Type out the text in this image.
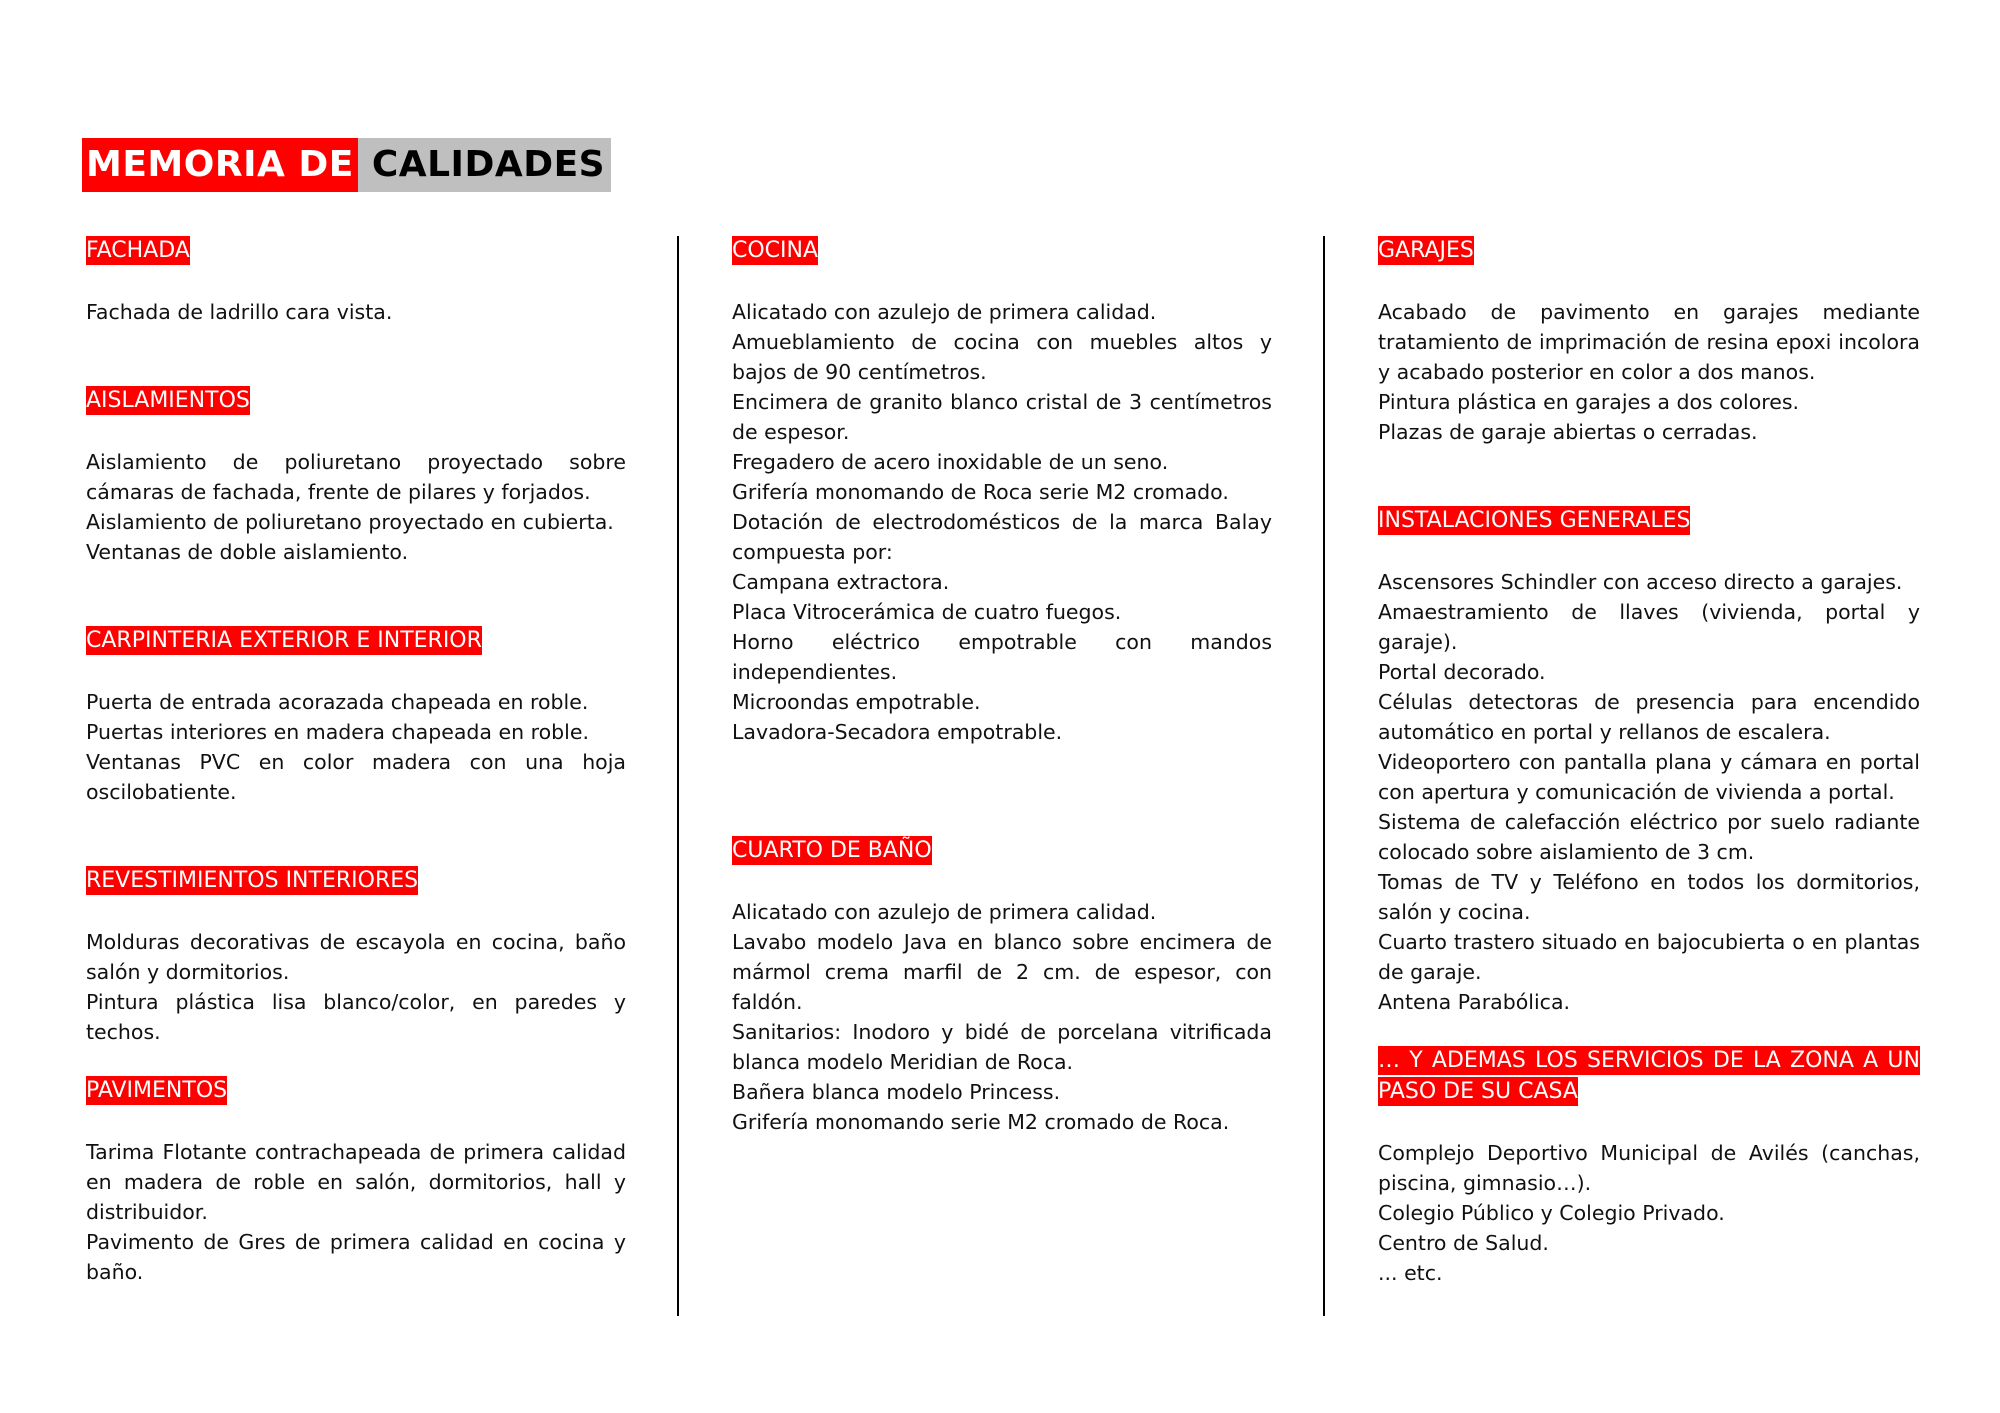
MEMORIA DE CALIDADES
FACHADA

Fachada de ladrillo cara vista.

AISLAMIENTOS

Aislamiento de poliuretano proyectado sobre cámaras de fachada, frente de pilares y forjados.

Aislamiento de poliuretano proyectado en cubierta.

Ventanas de doble aislamiento.

CARPINTERIA EXTERIOR E INTERIOR

Puerta de entrada acorazada chapeada en roble.

Puertas interiores en madera chapeada en roble.

Ventanas PVC en color madera con una hoja oscilobatiente.

REVESTIMIENTOS INTERIORES

Molduras decorativas de escayola en cocina, baño salón y dormitorios.

Pintura plástica lisa blanco/color, en paredes y techos.

PAVIMENTOS

Tarima Flotante contrachapeada de primera calidad en madera de roble en salón, dormitorios, hall y distribuidor.

Pavimento de Gres de primera calidad en cocina y baño.

COCINA

Alicatado con azulejo de primera calidad.

Amueblamiento de cocina con muebles altos y bajos de 90 centímetros.

Encimera de granito blanco cristal de 3 centímetros de espesor.

Fregadero de acero inoxidable de un seno.

Grifería monomando de Roca serie M2 cromado.

Dotación de electrodomésticos de la marca Balay compuesta por:

Campana extractora.

Placa Vitrocerámica de cuatro fuegos.

Horno eléctrico empotrable con mandos independientes.

Microondas empotrable.

Lavadora-Secadora empotrable.

CUARTO DE BAÑO

Alicatado con azulejo de primera calidad.

Lavabo modelo Java en blanco sobre encimera de mármol crema marfil de 2 cm. de espesor, con faldón.

Sanitarios: Inodoro y bidé de porcelana vitrificada blanca modelo Meridian de Roca.

Bañera blanca modelo Princess.

Grifería monomando serie M2 cromado de Roca.

GARAJES

Acabado de pavimento en garajes mediante tratamiento de imprimación de resina epoxi incolora y acabado posterior en color a dos manos.

Pintura plástica en garajes a dos colores.

Plazas de garaje abiertas o cerradas.

INSTALACIONES GENERALES

Ascensores Schindler con acceso directo a garajes.

Amaestramiento de llaves (vivienda, portal y garaje).

Portal decorado.

Células detectoras de presencia para encendido automático en portal y rellanos de escalera.

Videoportero con pantalla plana y cámara en portal con apertura y comunicación de vivienda a portal.

Sistema de calefacción eléctrico por suelo radiante colocado sobre aislamiento de 3 cm.

Tomas de TV y Teléfono en todos los dormitorios, salón y cocina.

Cuarto trastero situado en bajocubierta o en plantas de garaje.

Antena Parabólica.

… Y ADEMAS LOS SERVICIOS DE LA ZONA A UN PASO DE SU CASA

Complejo Deportivo Municipal de Avilés (canchas, piscina, gimnasio…).

Colegio Público y Colegio Privado.

Centro de Salud.

... etc.
